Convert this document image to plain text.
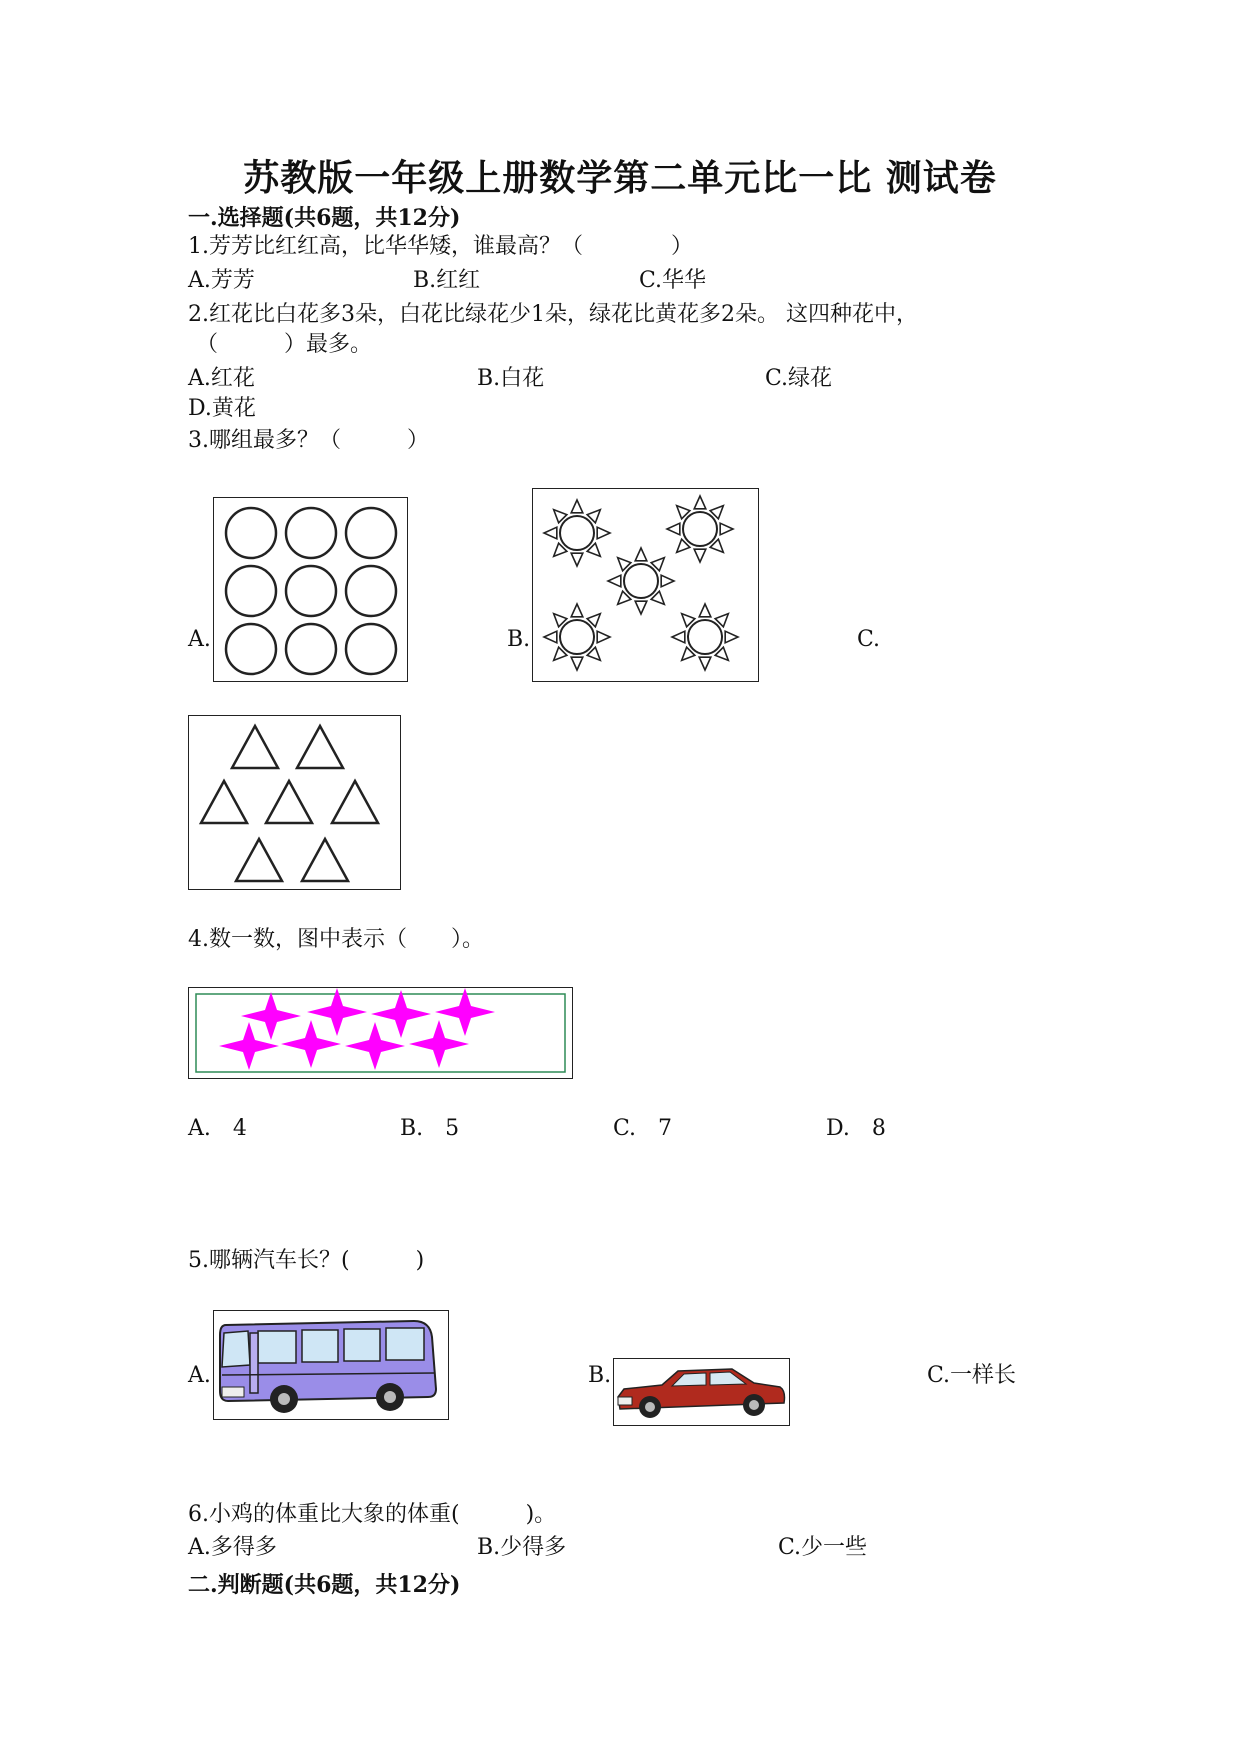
苏教版一年级上册数学第二单元比一比 测试卷
一.选择题(共6题，共12分)
1.芳芳比红红高，比华华矮，谁最高？（　　　　）
A.芳芳	B.红红	C.华华
2.红花比白花多3朵，白花比绿花少1朵，绿花比黄花多2朵。 这四种花中，
（　　　）最多。
A.红花	B.白花	C.绿花
D.黄花
3.哪组最多？（　　　）
A.	B.	C.
4.数一数，图中表示（　　）。
A.　4	B.　5	C.　7	D.　8
5.哪辆汽车长？(　　　)
A.	B.	C.一样长
6.小鸡的体重比大象的体重(　　　)。
A.多得多	B.少得多	C.少一些
二.判断题(共6题，共12分)
